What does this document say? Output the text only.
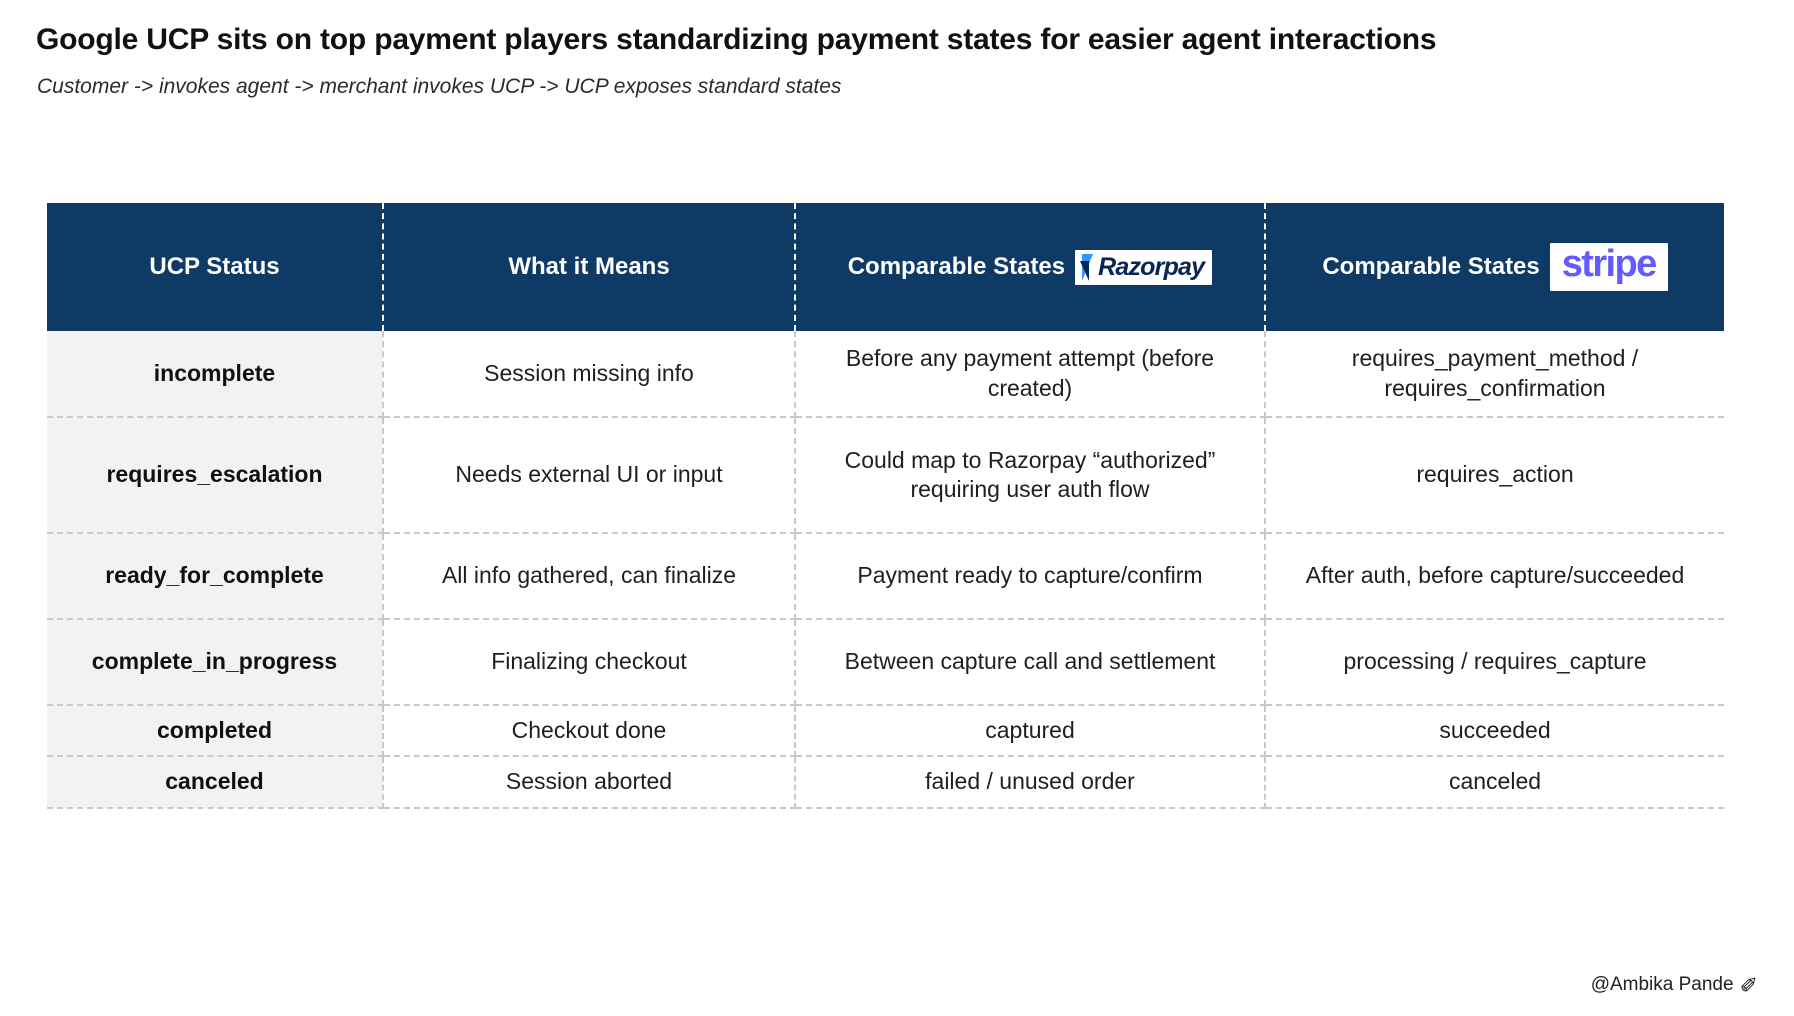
Google UCP sits on top payment players standardizing payment states for easier agent interactions
Customer -> invokes agent -> merchant invokes UCP -> UCP exposes standard states
UCP Status	What it Means	Comparable States Razorpay	Comparable States stripe

incomplete	Session missing info	Before any payment attempt (before created)	requires_payment_method / requires_confirmation
requires_escalation	Needs external UI or input	Could map to Razorpay “authorized” requiring user auth flow	requires_action
ready_for_complete	All info gathered, can finalize	Payment ready to capture/confirm	After auth, before capture/succeeded
complete_in_progress	Finalizing checkout	Between capture call and settlement	processing / requires_capture
completed	Checkout done	captured	succeeded
canceled	Session aborted	failed / unused order	canceled
@Ambika Pande ✐
